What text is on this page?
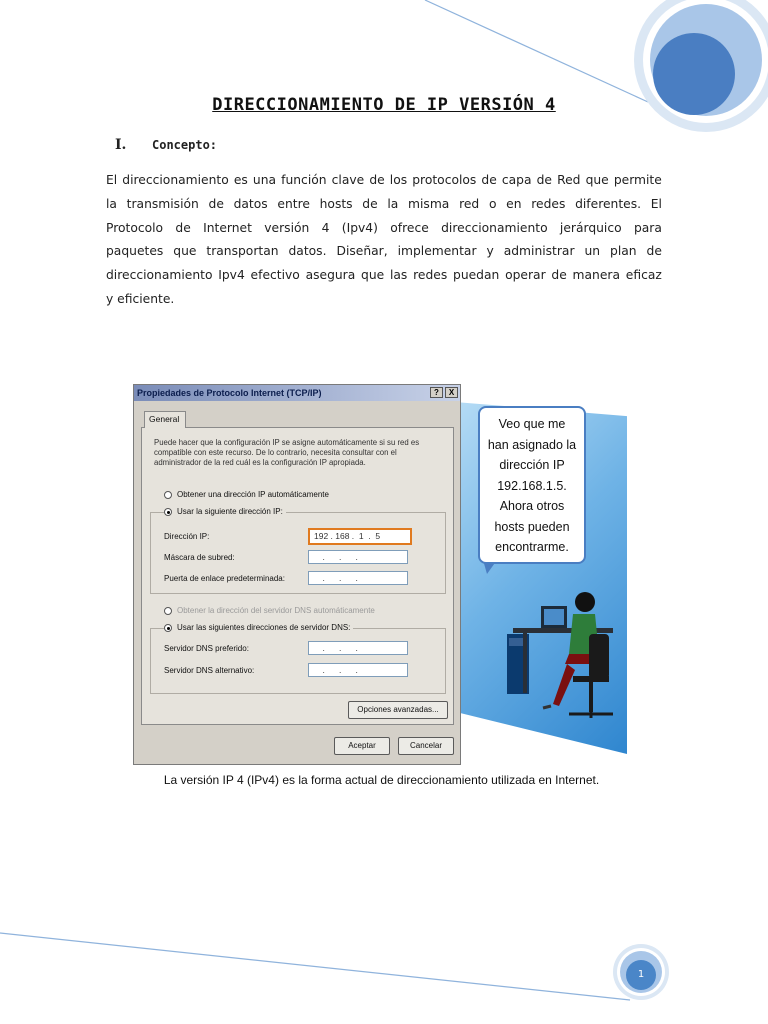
DIRECCIONAMIENTO DE IP VERSIÓN 4
I. Concepto:
El direccionamiento es una función clave de los protocolos de capa de Red que permite
la transmisión de datos entre hosts de la misma red o en redes diferentes. El
Protocolo de Internet versión 4 (Ipv4) ofrece direccionamiento jerárquico para
paquetes que transportan datos. Diseñar, implementar y administrar un plan de
direccionamiento Ipv4 efectivo asegura que las redes puedan operar de manera eficaz
y eficiente.
Veo que me
han asignado la
dirección IP
192.168.1.5.
Ahora otros
hosts pueden
encontrarme.
Propiedades de Protocolo Internet (TCP/IP)	?	X
Puede hacer que la configuración IP se asigne automáticamente si su red es compatible con este recurso. De lo contrario, necesita consultar con el administrador de la red cuál es la configuración IP apropiada.
Obtener una dirección IP automáticamente
Usar la siguiente dirección IP:
Dirección IP:	192 . 168 .  1  .  5
Máscara de subred:	.      .      .
Puerta de enlace predeterminada:	.      .      .
Obtener la dirección del servidor DNS automáticamente
Usar las siguientes direcciones de servidor DNS:
Servidor DNS preferido:	.      .      .
Servidor DNS alternativo:	.      .      .
Opciones avanzadas...
General
Aceptar	Cancelar
La versión IP 4 (IPv4) es la forma actual de direccionamiento utilizada en Internet.
1
